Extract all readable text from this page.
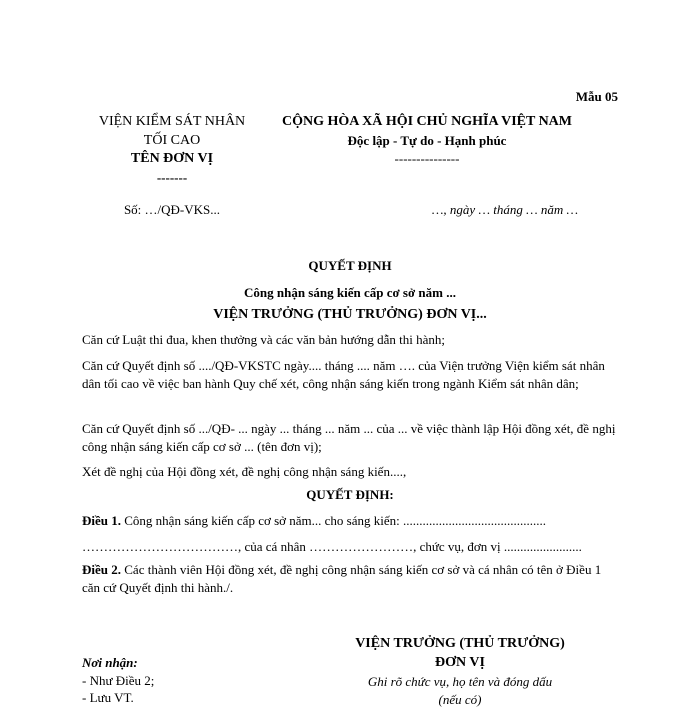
Mẫu 05
VIỆN KIỂM SÁT NHÂN
TỐI CAO
TÊN ĐƠN VỊ
-------
Số: …/QĐ-VKS...
CỘNG HÒA XÃ HỘI CHỦ NGHĨA VIỆT NAM
Độc lập - Tự do - Hạnh phúc
---------------
…, ngày … tháng … năm …
QUYẾT ĐỊNH
Công nhận sáng kiến cấp cơ sở năm ...
VIỆN TRƯỞNG (THỦ TRƯỞNG) ĐƠN VỊ...
Căn cứ Luật thi đua, khen thưởng và các văn bản hướng dẫn thi hành;
Căn cứ Quyết định số ..../QĐ-VKSTC ngày.... tháng .... năm …. của Viện trưởng Viện kiểm sát nhân dân tối cao về việc ban hành Quy chế xét, công nhận sáng kiến trong ngành Kiểm sát nhân dân;
Căn cứ Quyết định số .../QĐ- ... ngày ... tháng ... năm ... của ... về việc thành lập Hội đồng xét, đề nghị công nhận sáng kiến cấp cơ sở ... (tên đơn vị);
Xét đề nghị của Hội đồng xét, đề nghị công nhận sáng kiến....,
QUYẾT ĐỊNH:
Điều 1. Công nhận sáng kiến cấp cơ sở năm... cho sáng kiến: ............................................
………………………………, của cá nhân ……………………, chức vụ, đơn vị ........................
Điều 2. Các thành viên Hội đồng xét, đề nghị công nhận sáng kiến cơ sở và cá nhân có tên ở Điều 1 căn cứ Quyết định thi hành./.
Nơi nhận:
- Như Điều 2;
- Lưu VT.
VIỆN TRƯỞNG (THỦ TRƯỞNG)
ĐƠN VỊ
Ghi rõ chức vụ, họ tên và đóng dấu
(nếu có)
